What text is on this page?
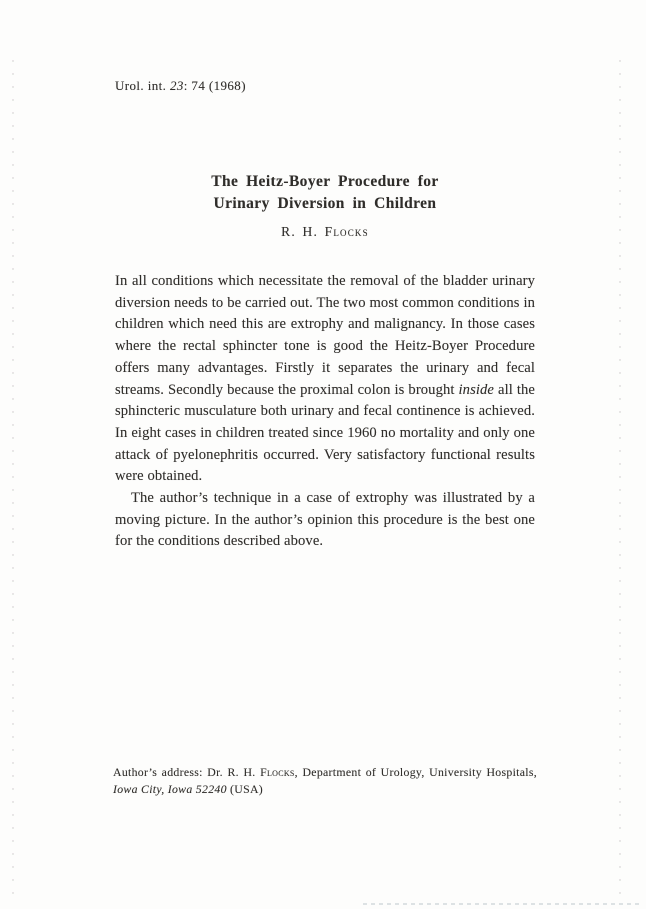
Urol. int. 23: 74 (1968)
The Heitz-Boyer Procedure for
Urinary Diversion in Children
R. H. Flocks

In all conditions which necessitate the removal of the bladder urinary diversion needs to be carried out. The two most common conditions in children which need this are extrophy and malignancy. In those cases where the rectal sphincter tone is good the Heitz-Boyer Procedure offers many advantages. Firstly it separates the urinary and fecal streams. Secondly because the proximal colon is brought inside all the sphincteric musculature both urinary and fecal continence is achieved. In eight cases in children treated since 1960 no mortality and only one attack of pyelonephritis occurred. Very satisfactory functional results were obtained.

The author’s technique in a case of extrophy was illustrated by a moving picture. In the author’s opinion this procedure is the best one for the conditions described above.

Author’s address: Dr. R. H. Flocks, Department of Urology, University Hospitals, Iowa City, Iowa 52240 (USA)
